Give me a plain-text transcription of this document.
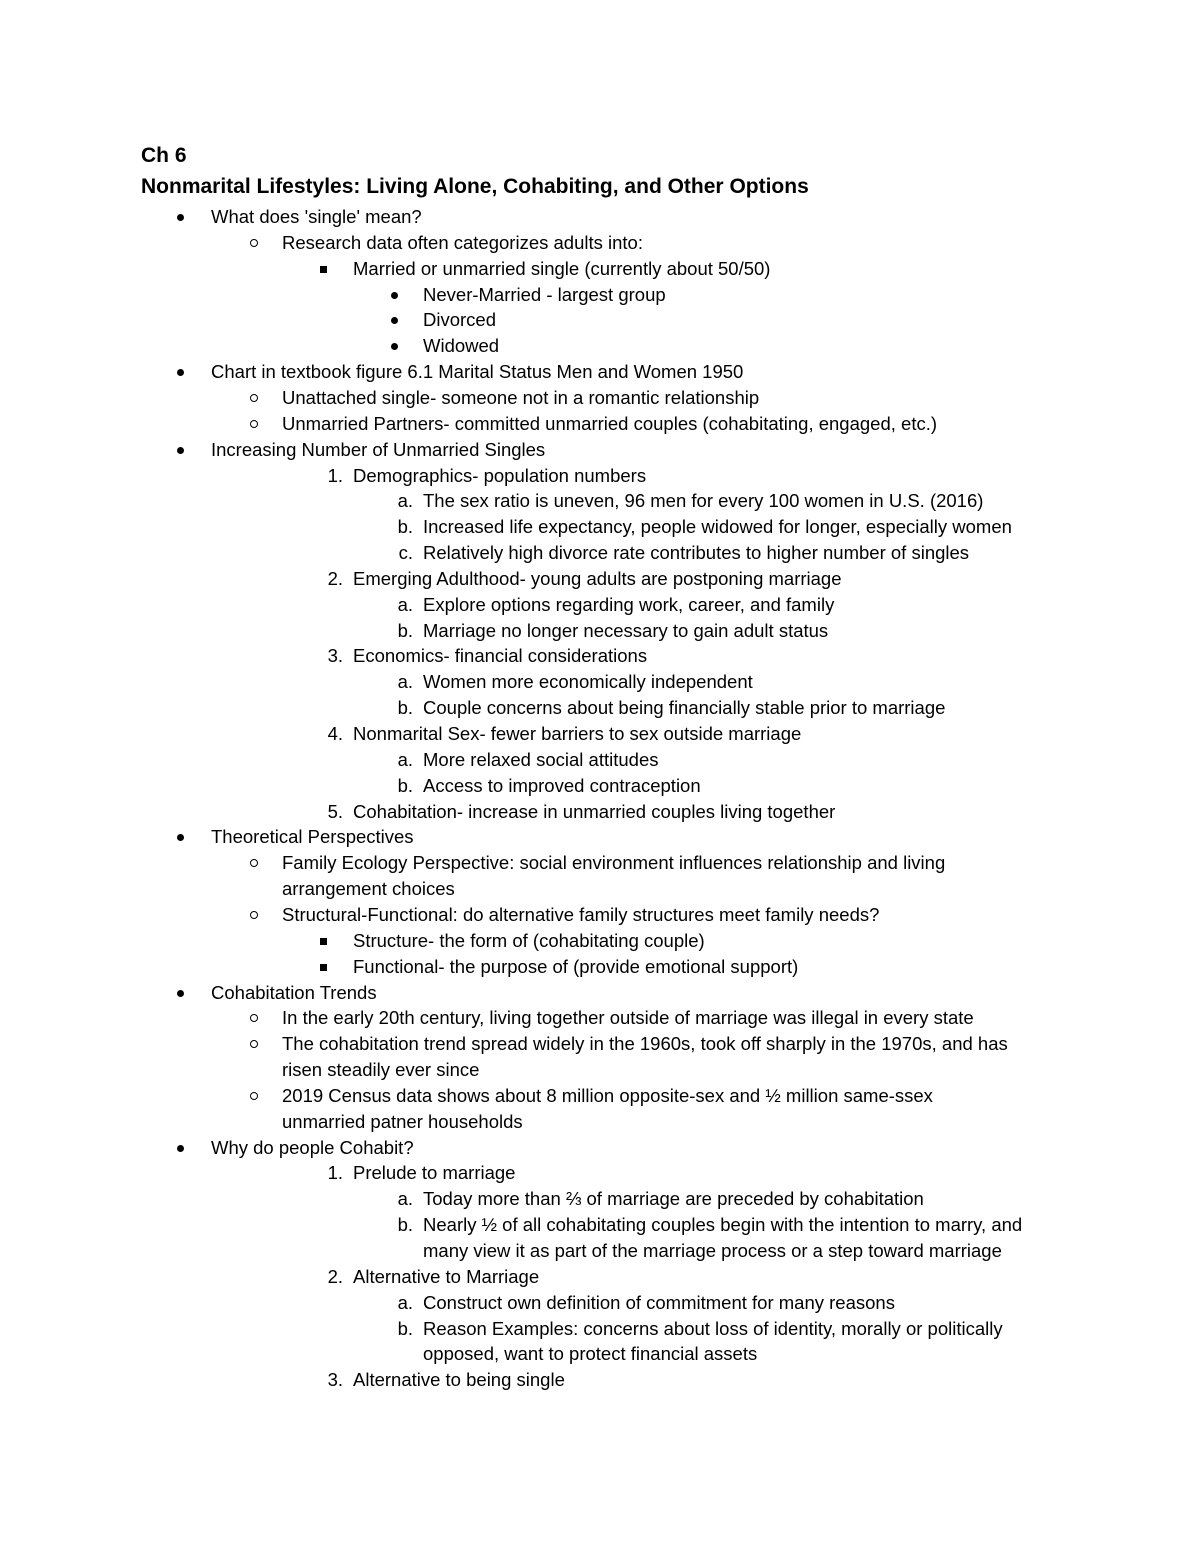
Ch 6
Nonmarital Lifestyles: Living Alone, Cohabiting, and Other Options
What does 'single' mean?
Research data often categorizes adults into:
Married or unmarried single (currently about 50/50)
Never-Married - largest group
Divorced
Widowed
Chart in textbook figure 6.1 Marital Status Men and Women 1950
Unattached single- someone not in a romantic relationship
Unmarried Partners- committed unmarried couples (cohabitating, engaged, etc.)
Increasing Number of Unmarried Singles
1. Demographics- population numbers
a. The sex ratio is uneven, 96 men for every 100 women in U.S. (2016)
b. Increased life expectancy, people widowed for longer, especially women
c. Relatively high divorce rate contributes to higher number of singles
2. Emerging Adulthood- young adults are postponing marriage
a. Explore options regarding work, career, and family
b. Marriage no longer necessary to gain adult status
3. Economics- financial considerations
a. Women more economically independent
b. Couple concerns about being financially stable prior to marriage
4. Nonmarital Sex- fewer barriers to sex outside marriage
a. More relaxed social attitudes
b. Access to improved contraception
5. Cohabitation- increase in unmarried couples living together
Theoretical Perspectives
Family Ecology Perspective: social environment influences relationship and living
arrangement choices
Structural-Functional: do alternative family structures meet family needs?
Structure- the form of (cohabitating couple)
Functional- the purpose of (provide emotional support)
Cohabitation Trends
In the early 20th century, living together outside of marriage was illegal in every state
The cohabitation trend spread widely in the 1960s, took off sharply in the 1970s, and has
risen steadily ever since
2019 Census data shows about 8 million opposite-sex and ½ million same-ssex
unmarried patner households
Why do people Cohabit?
1. Prelude to marriage
a. Today more than ⅔ of marriage are preceded by cohabitation
b. Nearly ½ of all cohabitating couples begin with the intention to marry, and
many view it as part of the marriage process or a step toward marriage
2. Alternative to Marriage
a. Construct own definition of commitment for many reasons
b. Reason Examples: concerns about loss of identity, morally or politically
opposed, want to protect financial assets
3. Alternative to being single
